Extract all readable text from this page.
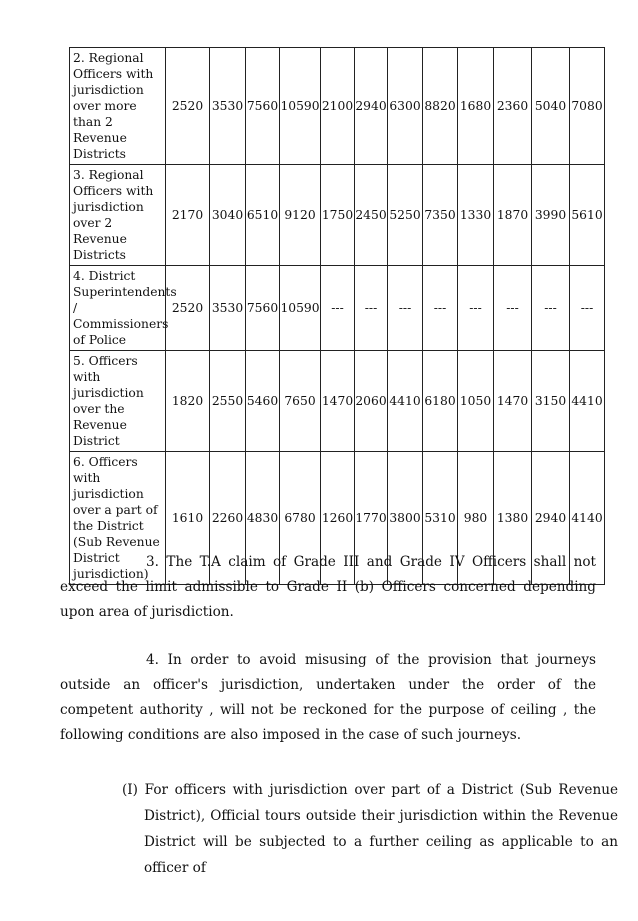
2. Regional Officers with jurisdiction over more than 2 Revenue Districts	2520	3530	7560	10590	2100	2940	6300	8820	1680	2360	5040	7080
3. Regional Officers with jurisdiction over 2 Revenue Districts	2170	3040	6510	9120	1750	2450	5250	7350	1330	1870	3990	5610
4. District Superintendents / Commissioners of Police	2520	3530	7560	10590	---	---	---	---	---	---	---	---
5. Officers with jurisdiction over the Revenue District	1820	2550	5460	7650	1470	2060	4410	6180	1050	1470	3150	4410
6. Officers with jurisdiction over a part of the District (Sub Revenue District jurisdiction)	1610	2260	4830	6780	1260	1770	3800	5310	980	1380	2940	4140

3. The T.A claim of Grade III and Grade IV Officers shall not exceed the limit admissible to Grade II (b) Officers concerned depending upon area of jurisdiction.

4. In order to avoid misusing of the provision that journeys outside an officer's jurisdiction, undertaken under the order of the competent authority , will not be reckoned for the purpose of ceiling , the following conditions are also imposed in the case of such journeys.

(I) For officers with jurisdiction over part of a District (Sub Revenue District), Official tours outside their jurisdiction within the Revenue District will be subjected to a further ceiling as applicable to an officer of
